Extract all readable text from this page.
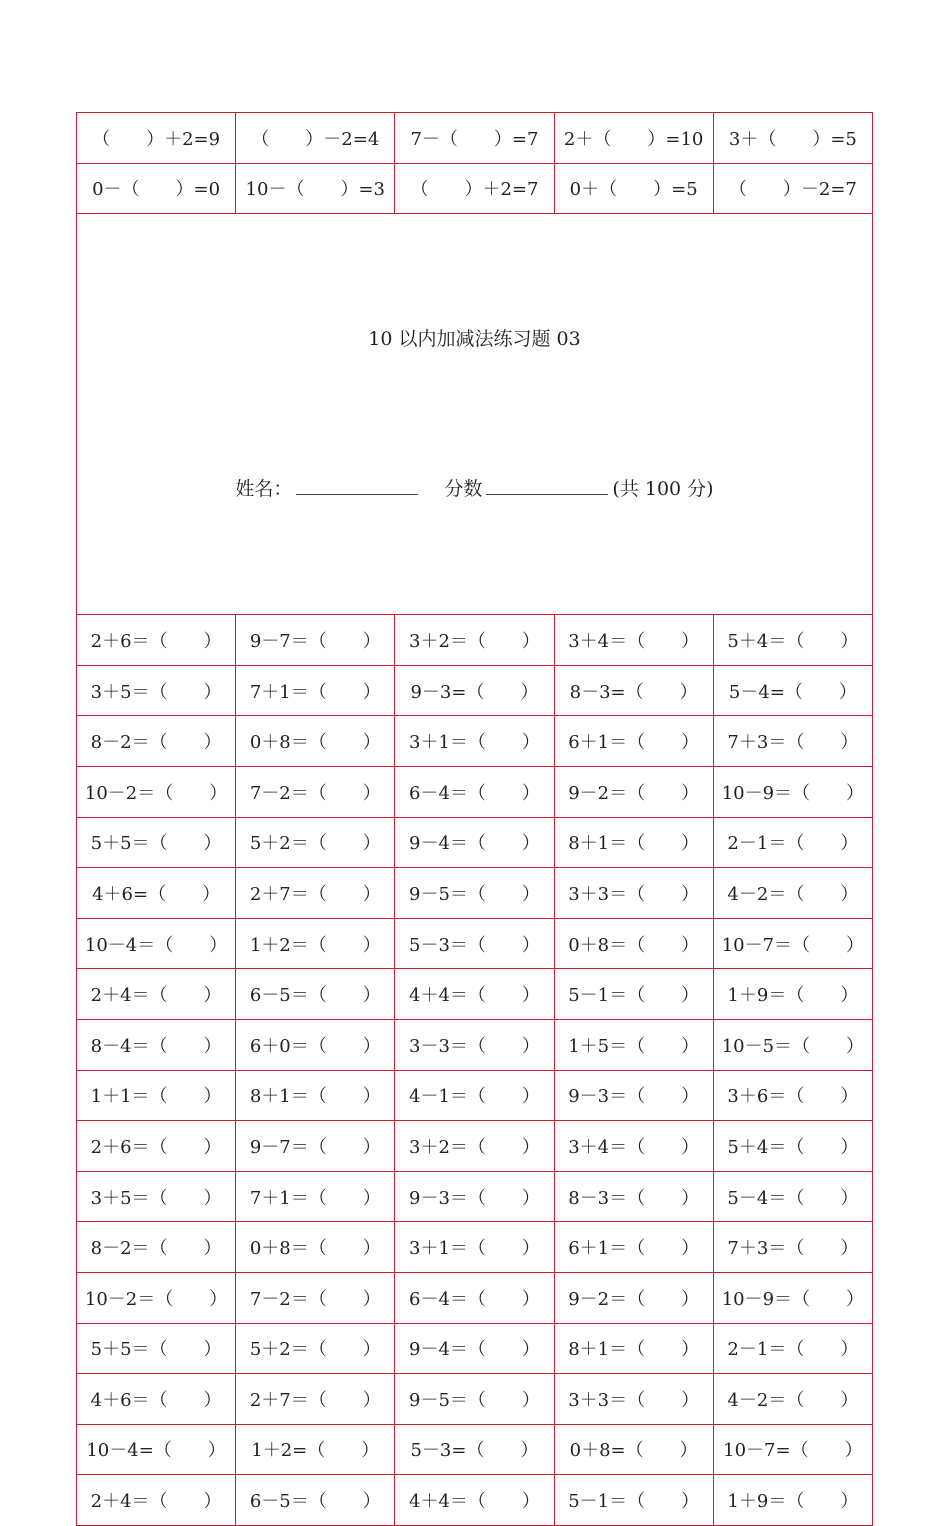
（　　）＋2=9	（　　）－2=4	7－（　　）=7	2＋（　　）=10	3＋（　　）=5
0－（　　）=0	10－（　　）=3	（　　）＋2=7	0＋（　　）=5	（　　）－2=7

10 以内加减法练习题 03

姓名： 分数 (共 100 分)				

2＋6＝（　　）	9－7＝（　　）	3＋2＝（　　）	3＋4＝（　　）	5＋4＝（　　）
3＋5＝（　　）	7＋1＝（　　）	9－3=（　　）	8－3=（　　）	5－4=（　　）
8－2＝（　　）	0＋8＝（　　）	3＋1＝（　　）	6＋1＝（　　）	7＋3＝（　　）
10－2＝（　　）	7－2＝（　　）	6－4＝（　　）	9－2＝（　　）	10－9＝（　　）
5＋5＝（　　）	5＋2＝（　　）	9－4＝（　　）	8＋1＝（　　）	2－1＝（　　）
4＋6=（　　）	2＋7＝（　　）	9－5＝（　　）	3＋3＝（　　）	4－2＝（　　）
10－4＝（　　）	1＋2＝（　　）	5－3＝（　　）	0＋8＝（　　）	10－7＝（　　）
2＋4＝（　　）	6－5＝（　　）	4＋4＝（　　）	5－1＝（　　）	1＋9＝（　　）
8－4＝（　　）	6＋0＝（　　）	3－3＝（　　）	1＋5＝（　　）	10－5＝（　　）
1＋1＝（　　）	8＋1＝（　　）	4－1＝（　　）	9－3＝（　　）	3＋6＝（　　）
2＋6＝（　　）	9－7＝（　　）	3＋2＝（　　）	3＋4＝（　　）	5＋4＝（　　）
3＋5＝（　　）	7＋1＝（　　）	9－3＝（　　）	8－3＝（　　）	5－4＝（　　）
8－2＝（　　）	0＋8＝（　　）	3＋1＝（　　）	6＋1＝（　　）	7＋3＝（　　）
10－2＝（　　）	7－2＝（　　）	6－4＝（　　）	9－2＝（　　）	10－9＝（　　）
5＋5＝（　　）	5＋2＝（　　）	9－4＝（　　）	8＋1＝（　　）	2－1＝（　　）
4＋6＝（　　）	2＋7＝（　　）	9－5＝（　　）	3＋3＝（　　）	4－2＝（　　）
10－4=（　　）	1＋2=（　　）	5－3=（　　）	0＋8=（　　）	10－7=（　　）
2＋4＝（　　）	6－5＝（　　）	4＋4＝（　　）	5－1＝（　　）	1＋9＝（　　）
